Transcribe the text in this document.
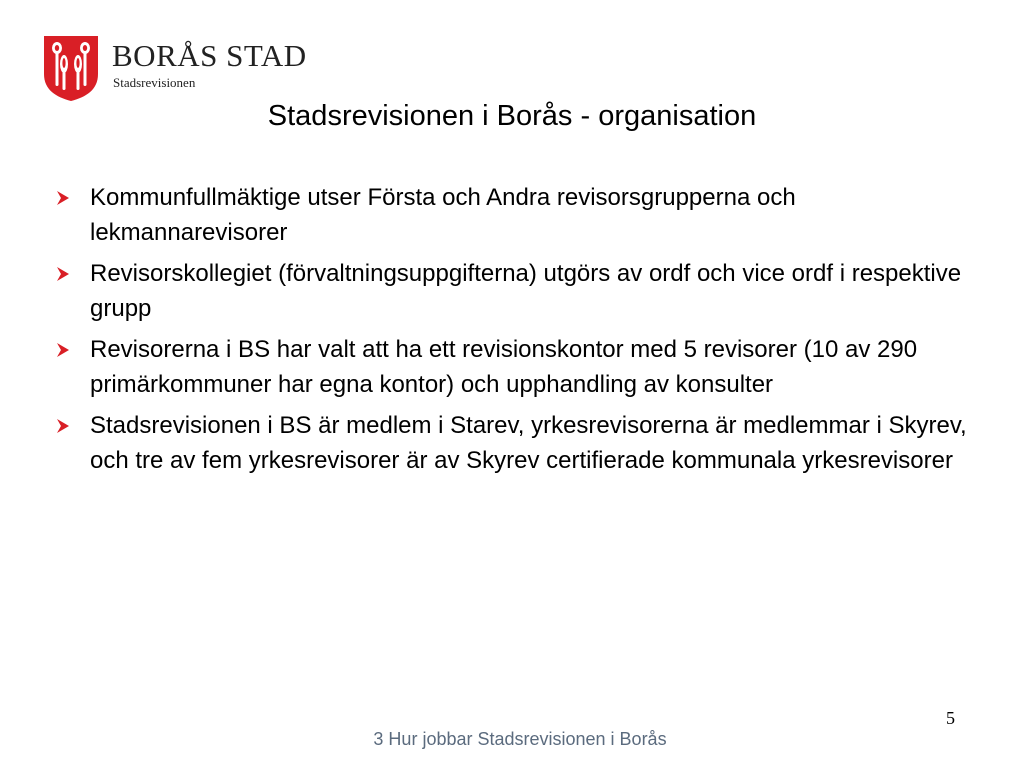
BORÅS STAD
Stadsrevisionen
Stadsrevisionen i Borås - organisation
Kommunfullmäktige utser Första och Andra revisorsgrupperna och lekmannarevisorer
Revisorskollegiet (förvaltningsuppgifterna) utgörs av ordf och vice ordf i respektive grupp
Revisorerna i BS har valt att ha ett revisionskontor med 5 revisorer (10 av 290 primärkommuner har egna kontor) och upphandling av konsulter
Stadsrevisionen i BS är medlem i Starev, yrkesrevisorerna är medlemmar i Skyrev, och tre av fem yrkesrevisorer är av Skyrev certifierade kommunala yrkesrevisorer
5
3 Hur jobbar Stadsrevisionen i Borås
